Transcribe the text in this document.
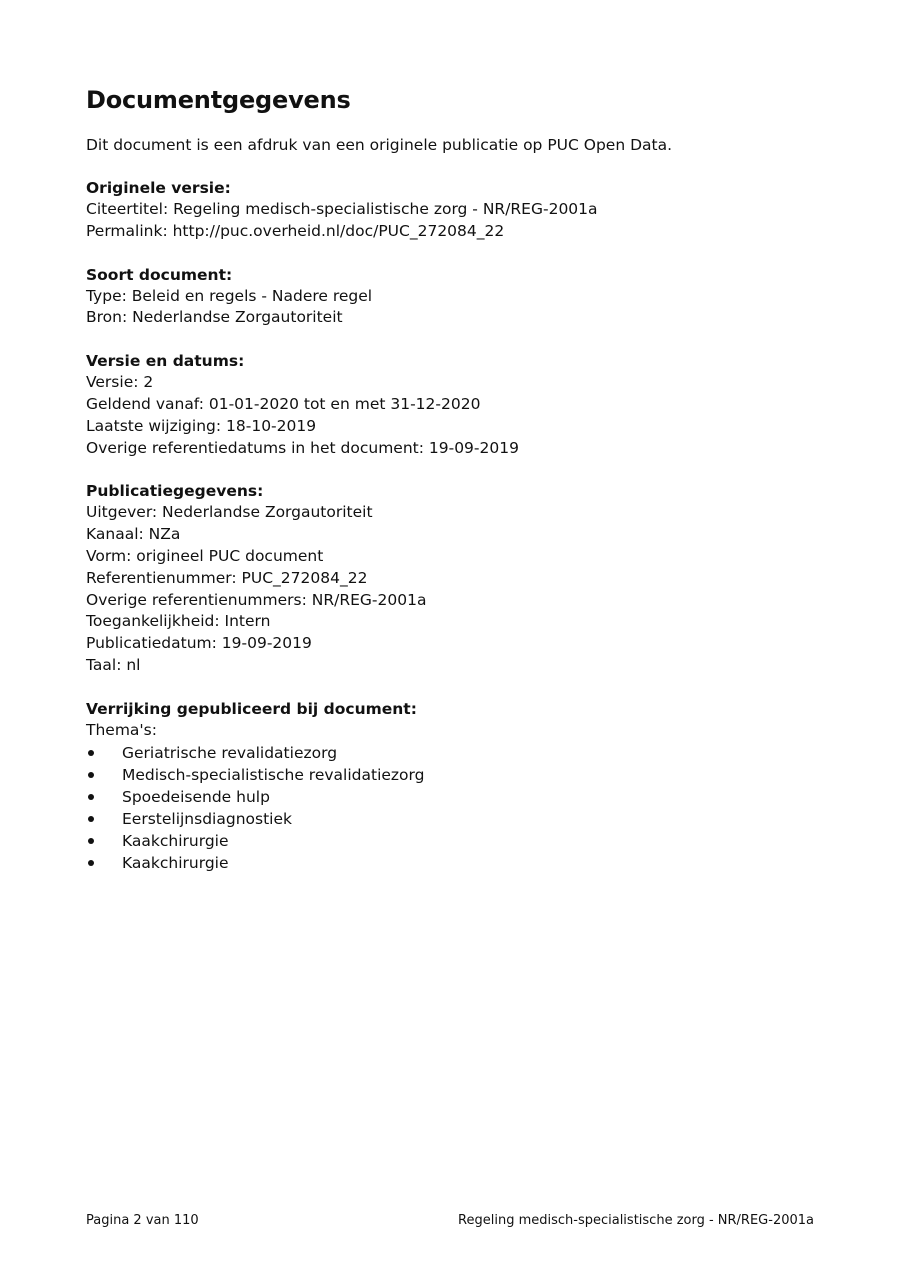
Documentgegevens

Dit document is een afdruk van een originele publicatie op PUC Open Data.

Originele versie:
Citeertitel: Regeling medisch-specialistische zorg - NR/REG-2001a
Permalink: http://puc.overheid.nl/doc/PUC_272084_22
Soort document:
Type: Beleid en regels - Nadere regel
Bron: Nederlandse Zorgautoriteit
Versie en datums:
Versie: 2
Geldend vanaf: 01-01-2020 tot en met 31-12-2020
Laatste wijziging: 18-10-2019
Overige referentiedatums in het document: 19-09-2019
Publicatiegegevens:
Uitgever: Nederlandse Zorgautoriteit
Kanaal: NZa
Vorm: origineel PUC document
Referentienummer: PUC_272084_22
Overige referentienummers: NR/REG-2001a
Toegankelijkheid: Intern
Publicatiedatum: 19-09-2019
Taal: nl
Verrijking gepubliceerd bij document:
Thema's:
Geriatrische revalidatiezorg
Medisch-specialistische revalidatiezorg
Spoedeisende hulp
Eerstelijnsdiagnostiek
Kaakchirurgie
Kaakchirurgie
Pagina 2 van 110	Regeling medisch-specialistische zorg - NR/REG-2001a
